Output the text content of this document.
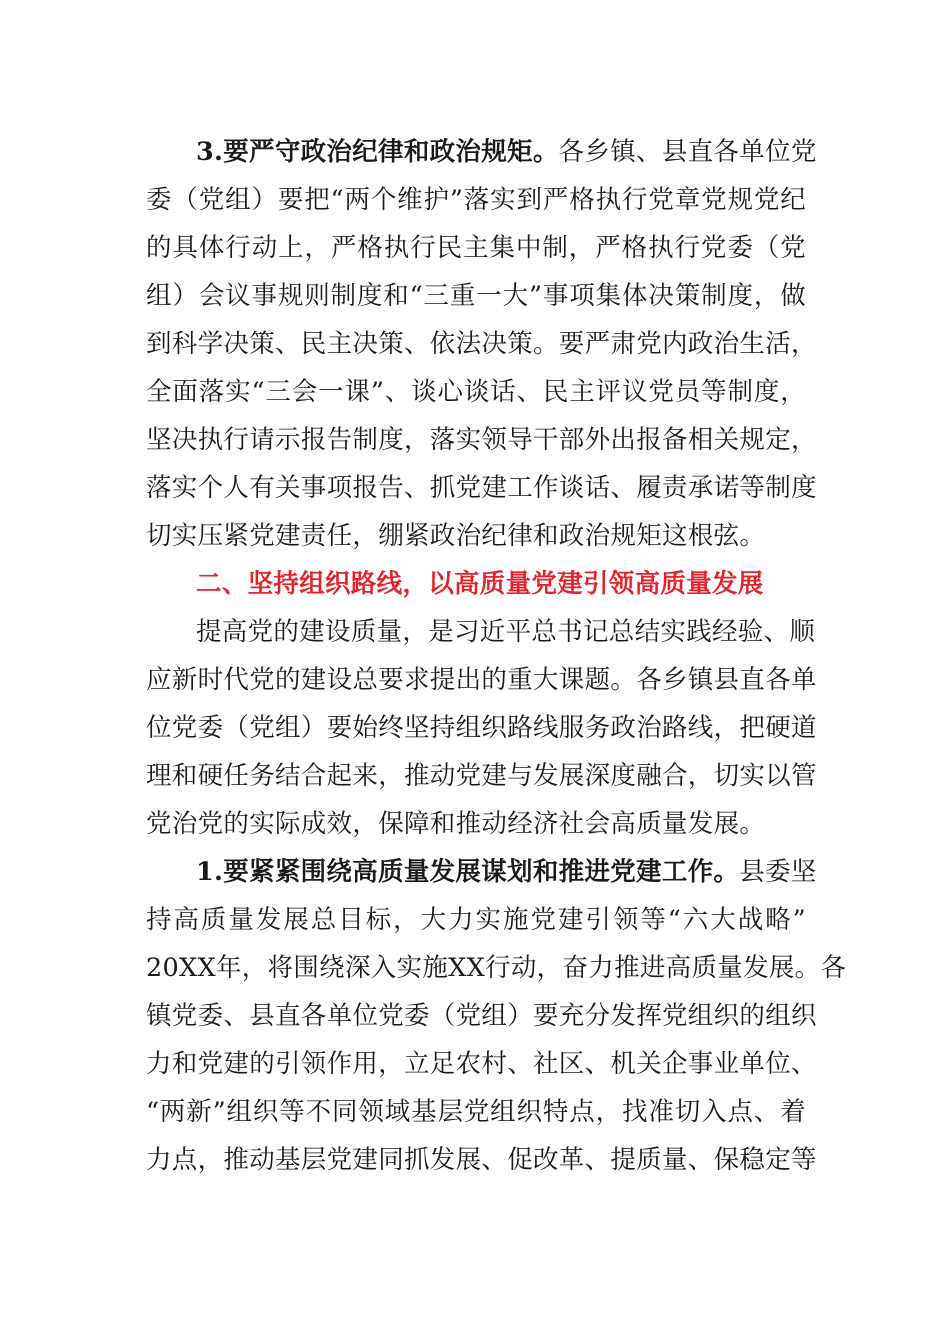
3.要严守政治纪律和政治规矩。各乡镇、县直各单位党
委（党组）要把“两个维护”落实到严格执行党章党规党纪
的具体行动上，严格执行民主集中制，严格执行党委（党
组）会议事规则制度和“三重一大”事项集体决策制度，做
到科学决策、民主决策、依法决策。要严肃党内政治生活，
全面落实“三会一课”、谈心谈话、民主评议党员等制度，
坚决执行请示报告制度，落实领导干部外出报备相关规定，
落实个人有关事项报告、抓党建工作谈话、履责承诺等制度
切实压紧党建责任，绷紧政治纪律和政治规矩这根弦。
二、坚持组织路线，以高质量党建引领高质量发展
提高党的建设质量，是习近平总书记总结实践经验、顺
应新时代党的建设总要求提出的重大课题。各乡镇县直各单
位党委（党组）要始终坚持组织路线服务政治路线，把硬道
理和硬任务结合起来，推动党建与发展深度融合，切实以管
党治党的实际成效，保障和推动经济社会高质量发展。
1.要紧紧围绕高质量发展谋划和推进党建工作。县委坚
持高质量发展总目标，大力实施党建引领等“六大战略”
20XX年，将围绕深入实施XX行动，奋力推进高质量发展。各
镇党委、县直各单位党委（党组）要充分发挥党组织的组织
力和党建的引领作用，立足农村、社区、机关企事业单位、
“两新”组织等不同领域基层党组织特点，找准切入点、着
力点，推动基层党建同抓发展、促改革、提质量、保稳定等
